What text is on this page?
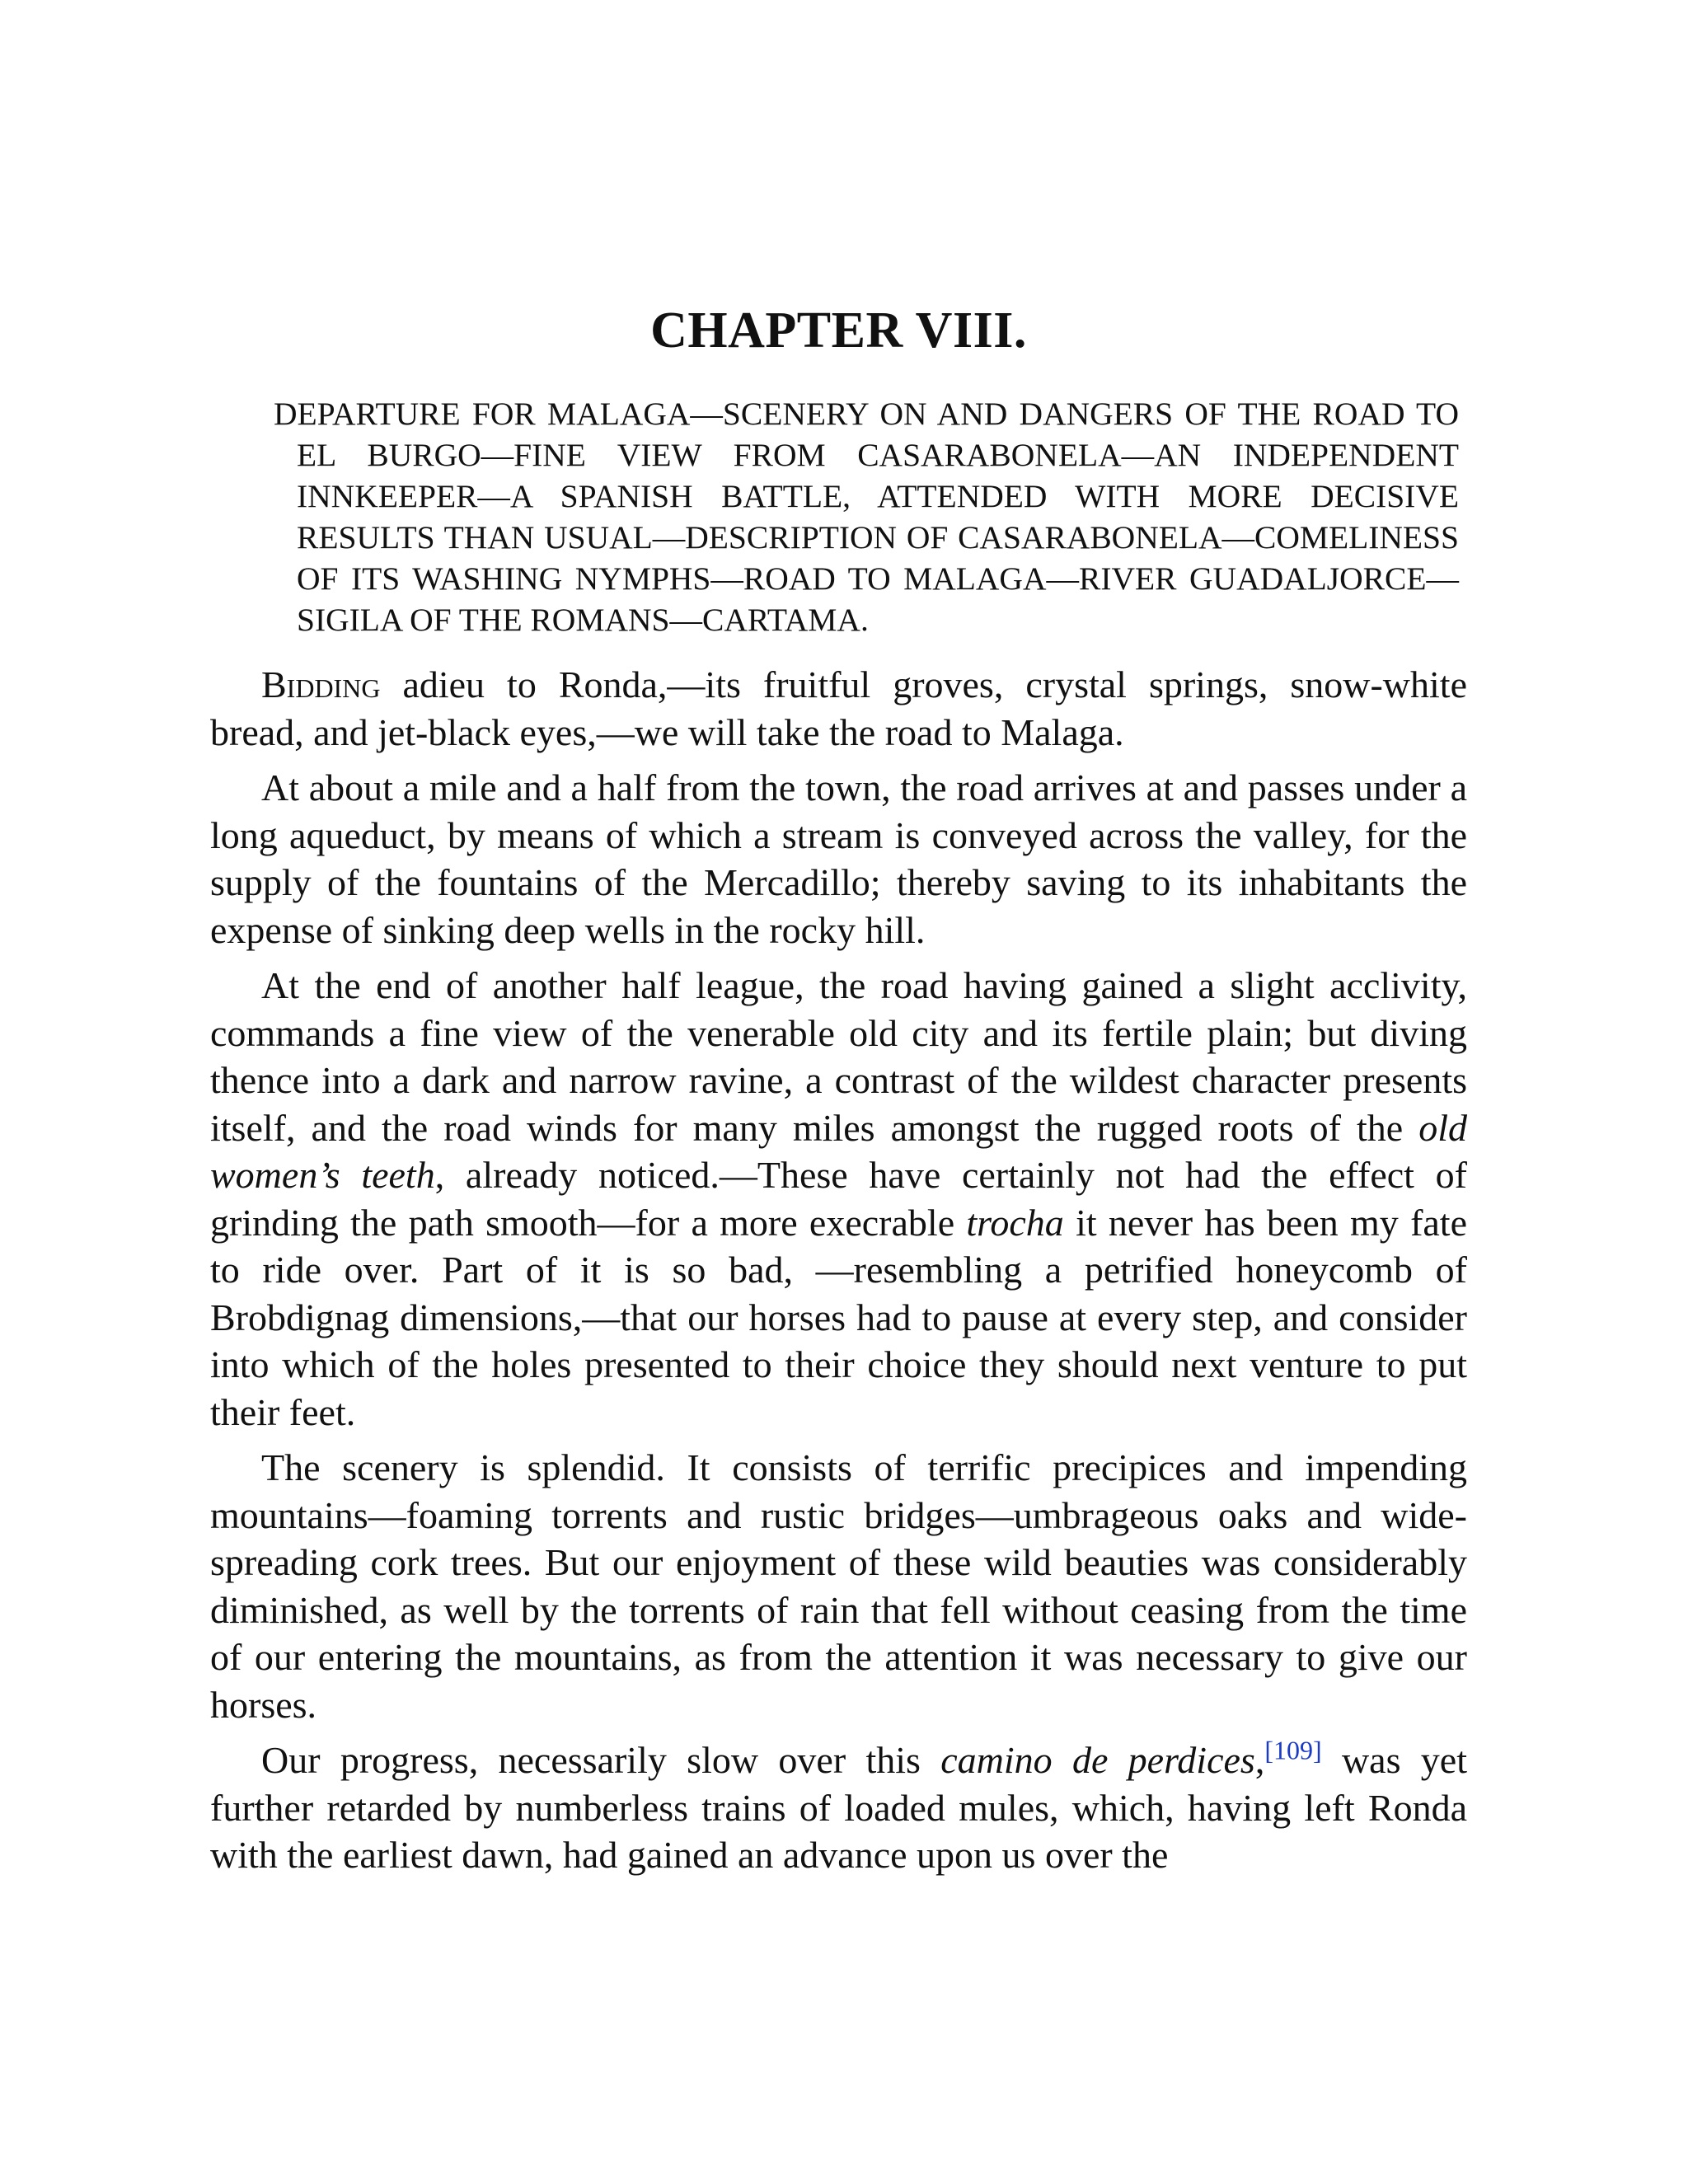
CHAPTER VIII.

DEPARTURE FOR MALAGA—SCENERY ON AND DANGERS OF THE ROAD TO EL BURGO—FINE VIEW FROM CASARABONELA—AN INDEPENDENT INNKEEPER—A SPANISH BATTLE, ATTENDED WITH MORE DECISIVE RESULTS THAN USUAL—DESCRIPTION OF CASARABONELA—COMELINESS OF ITS WASHING NYMPHS—ROAD TO MALAGA—RIVER GUADALJORCE—SIGILA OF THE ROMANS—CARTAMA.

Bidding adieu to Ronda,—its fruitful groves, crystal springs, snow-white bread, and jet-black eyes,—we will take the road to Malaga.

At about a mile and a half from the town, the road arrives at and passes under a long aqueduct, by means of which a stream is conveyed across the valley, for the supply of the fountains of the Mercadillo; thereby saving to its inhabitants the expense of sinking deep wells in the rocky hill.

At the end of another half league, the road having gained a slight acclivity, commands a fine view of the venerable old city and its fertile plain; but diving thence into a dark and narrow ravine, a contrast of the wildest character presents itself, and the road winds for many miles amongst the rugged roots of the old women’s teeth, already noticed.—These have certainly not had the effect of grinding the path smooth—for a more execrable trocha it never has been my fate to ride over. Part of it is so bad, —resembling a petrified honeycomb of Brobdignag dimensions,—that our horses had to pause at every step, and consider into which of the holes presented to their choice they should next venture to put their feet.

The scenery is splendid. It consists of terrific precipices and impending mountains—foaming torrents and rustic bridges—umbrageous oaks and wide-spreading cork trees. But our enjoyment of these wild beauties was considerably diminished, as well by the torrents of rain that fell without ceasing from the time of our entering the mountains, as from the attention it was necessary to give our horses.

Our progress, necessarily slow over this camino de perdices,[109] was yet further retarded by numberless trains of loaded mules, which, having left Ronda with the earliest dawn, had gained an advance upon us over the
